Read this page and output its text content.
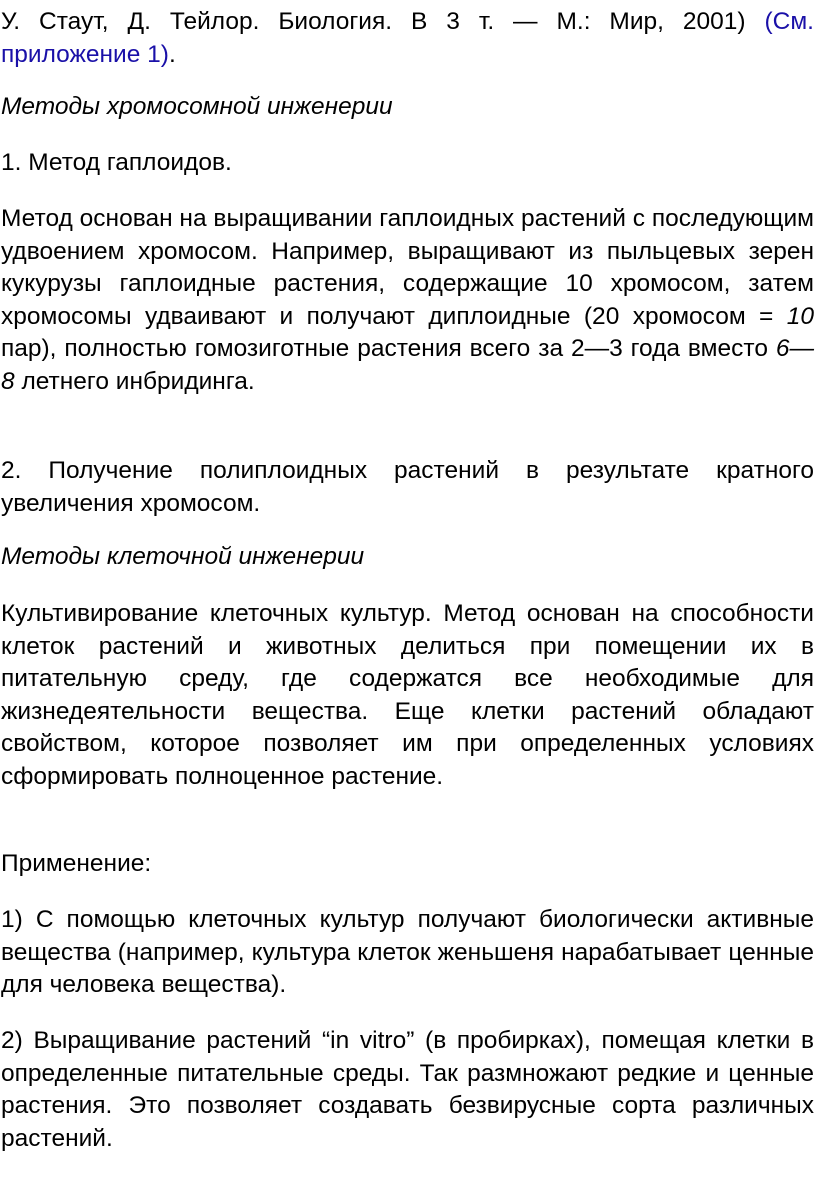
У. Стаут, Д. Тейлор. Биология. В 3 т. — М.: Мир, 2001) (См. приложение 1).

Методы хромосомной инженерии

1. Метод гаплоидов.

Метод основан на выращивании гаплоидных растений с последующим удвоением хромосом. Например, выращивают из пыльцевых зерен кукурузы гаплоидные растения, содержащие 10 хромосом, затем хромосомы удваивают и получают диплоидные (20 хромосом = 10 пар), полностью гомозиготные растения всего за 2—3 года вместо 6—8 летнего инбридинга.

2. Получение полиплоидных растений в результате кратного увеличения хромосом.

Методы клеточной инженерии

Культивирование клеточных культур. Метод основан на способности клеток растений и животных делиться при помещении их в питательную среду, где содержатся все необходимые для жизнедеятельности вещества. Еще клетки растений обладают свойством, которое позволяет им при определенных условиях сформировать полноценное растение.

Применение:

1) С помощью клеточных культур получают биологически активные вещества (например, культура клеток женьшеня нарабатывает ценные для человека вещества).

2) Выращивание растений “in vitro” (в пробирках), помещая клетки в определенные питательные среды. Так размножают редкие и ценные растения. Это позволяет создавать безвирусные сорта различных растений.
